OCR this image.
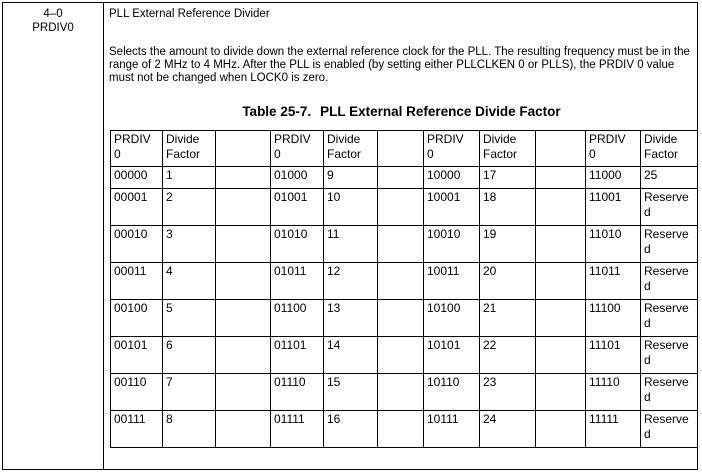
4–0
PRDIV0
PLL External Reference Divider
Selects the amount to divide down the external reference clock for the PLL. The resulting frequency must be in the range of 2 MHz to 4 MHz. After the PLL is enabled (by setting either PLLCLKEN 0 or PLLS), the PRDIV 0 value must not be changed when LOCK0 is zero.
Table 25-7. PLL External Reference Divide Factor
PRDIV 0	Divide Factor		PRDIV 0	Divide Factor		PRDIV 0	Divide Factor		PRDIV 0	Divide Factor
00000	1		01000	9		10000	17		11000	25
00001	2		01001	10		10001	18		11001	Reserved
00010	3		01010	11		10010	19		11010	Reserved
00011	4		01011	12		10011	20		11011	Reserved
00100	5		01100	13		10100	21		11100	Reserved
00101	6		01101	14		10101	22		11101	Reserved
00110	7		01110	15		10110	23		11110	Reserved
00111	8		01111	16		10111	24		11111	Reserved
